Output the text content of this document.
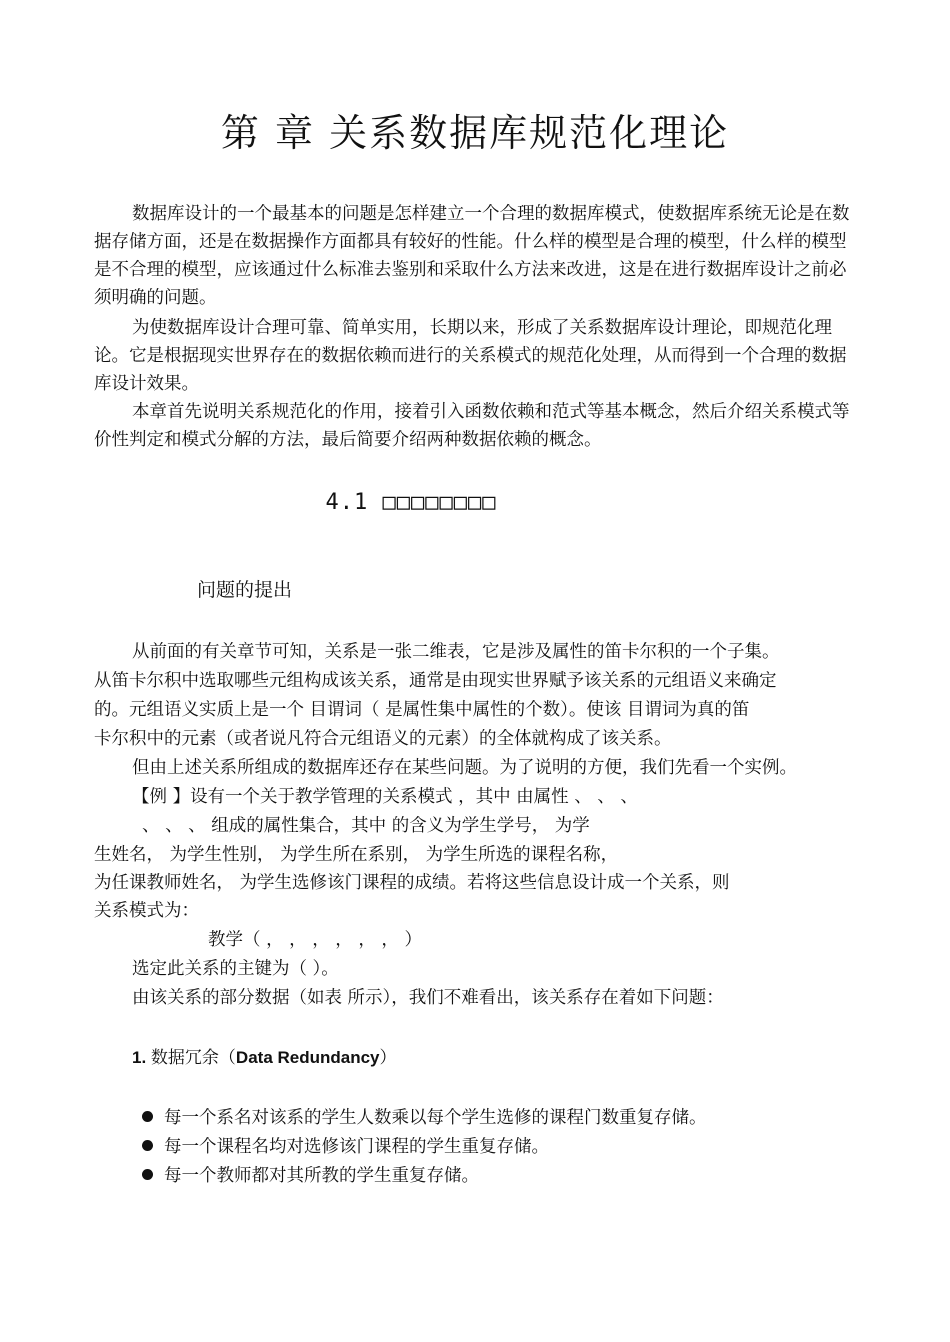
第 章 关系数据库规范化理论
数据库设计的一个最基本的问题是怎样建立一个合理的数据库模式，使数据库系统无论是在数据存储方面，还是在数据操作方面都具有较好的性能。什么样的模型是合理的模型，什么样的模型是不合理的模型，应该通过什么标准去鉴别和采取什么方法来改进，这是在进行数据库设计之前必须明确的问题。
为使数据库设计合理可靠、简单实用，长期以来，形成了关系数据库设计理论，即规范化理论。它是根据现实世界存在的数据依赖而进行的关系模式的规范化处理，从而得到一个合理的数据库设计效果。
本章首先说明关系规范化的作用，接着引入函数依赖和范式等基本概念，然后介绍关系模式等价性判定和模式分解的方法，最后简要介绍两种数据依赖的概念。
4.1 □□□□□□□□
问题的提出
从前面的有关章节可知，关系是一张二维表，它是涉及属性的笛卡尔积的一个子集。
从笛卡尔积中选取哪些元组构成该关系，通常是由现实世界赋予该关系的元组语义来确定
的。元组语义实质上是一个 目谓词（ 是属性集中属性的个数）。使该 目谓词为真的笛
卡尔积中的元素（或者说凡符合元组语义的元素）的全体就构成了该关系。
但由上述关系所组成的数据库还存在某些问题。为了说明的方便，我们先看一个实例。
【例 】设有一个关于教学管理的关系模式 ，其中 由属性 、 、 、
、 、 、 组成的属性集合，其中 的含义为学生学号， 为学
生姓名， 为学生性别， 为学生所在系别， 为学生所选的课程名称，
为任课教师姓名， 为学生选修该门课程的成绩。若将这些信息设计成一个关系，则
关系模式为：
教学（ ， ， ， ， ， ， ）
选定此关系的主键为（ ）。
由该关系的部分数据（如表 所示），我们不难看出，该关系存在着如下问题：
1. 数据冗余（Data Redundancy）
每一个系名对该系的学生人数乘以每个学生选修的课程门数重复存储。
每一个课程名均对选修该门课程的学生重复存储。
每一个教师都对其所教的学生重复存储。
